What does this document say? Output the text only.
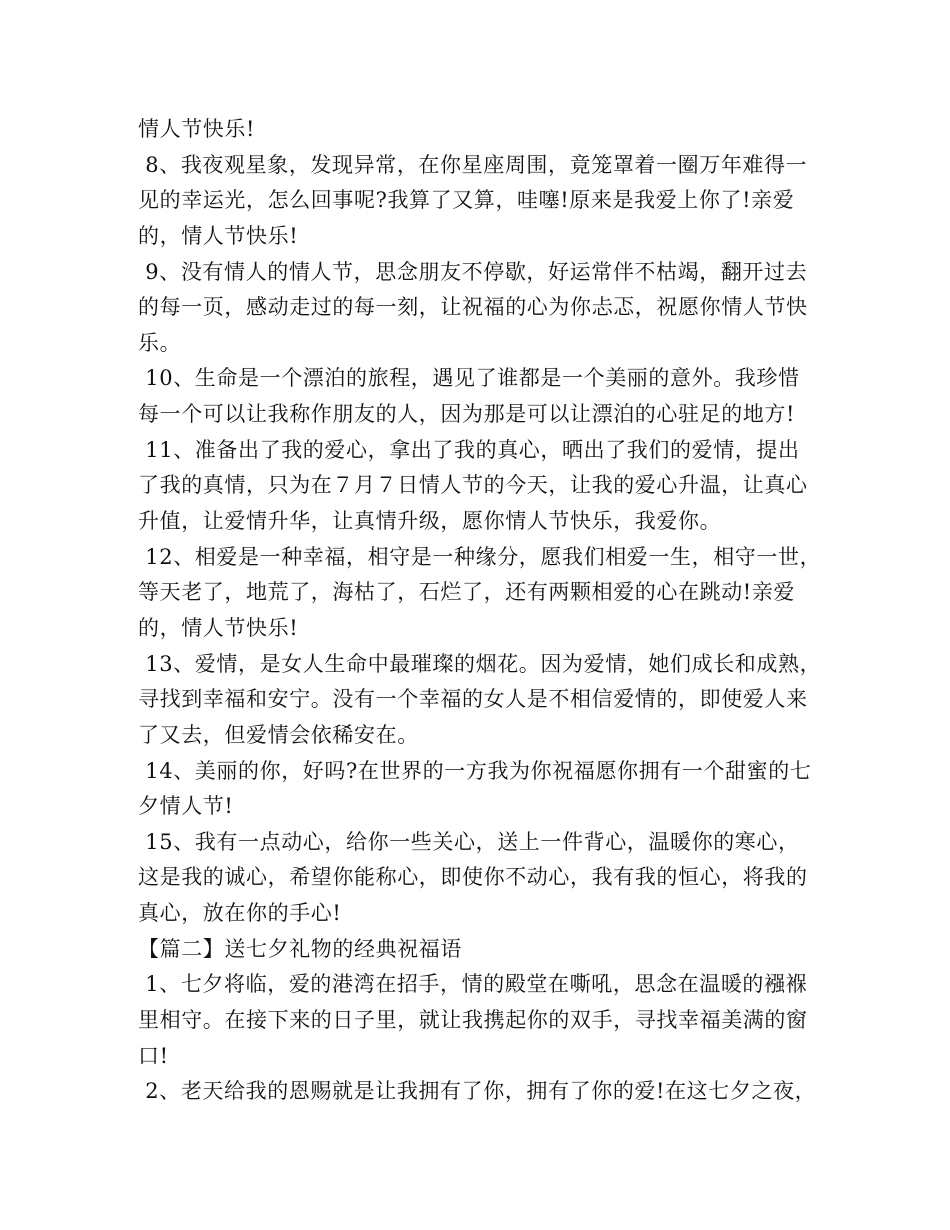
情人节快乐!
8、我夜观星象，发现异常，在你星座周围，竟笼罩着一圈万年难得一
见的幸运光，怎么回事呢?我算了又算，哇噻!原来是我爱上你了!亲爱
的，情人节快乐!
9、没有情人的情人节，思念朋友不停歇，好运常伴不枯竭，翻开过去
的每一页，感动走过的每一刻，让祝福的心为你忐忑，祝愿你情人节快
乐。
10、生命是一个漂泊的旅程，遇见了谁都是一个美丽的意外。我珍惜
每一个可以让我称作朋友的人，因为那是可以让漂泊的心驻足的地方!
11、准备出了我的爱心，拿出了我的真心，晒出了我们的爱情，提出
了我的真情，只为在７月７日情人节的今天，让我的爱心升温，让真心
升值，让爱情升华，让真情升级，愿你情人节快乐，我爱你。
12、相爱是一种幸福，相守是一种缘分，愿我们相爱一生，相守一世，
等天老了，地荒了，海枯了，石烂了，还有两颗相爱的心在跳动!亲爱
的，情人节快乐!
13、爱情，是女人生命中最璀璨的烟花。因为爱情，她们成长和成熟，
寻找到幸福和安宁。没有一个幸福的女人是不相信爱情的，即使爱人来
了又去，但爱情会依稀安在。
14、美丽的你，好吗?在世界的一方我为你祝福愿你拥有一个甜蜜的七
夕情人节!
15、我有一点动心，给你一些关心，送上一件背心，温暖你的寒心，
这是我的诚心，希望你能称心，即使你不动心，我有我的恒心，将我的
真心，放在你的手心!
【篇二】送七夕礼物的经典祝福语
1、七夕将临，爱的港湾在招手，情的殿堂在嘶吼，思念在温暖的襁褓
里相守。在接下来的日子里，就让我携起你的双手，寻找幸福美满的窗
口!
2、老天给我的恩赐就是让我拥有了你，拥有了你的爱!在这七夕之夜，
